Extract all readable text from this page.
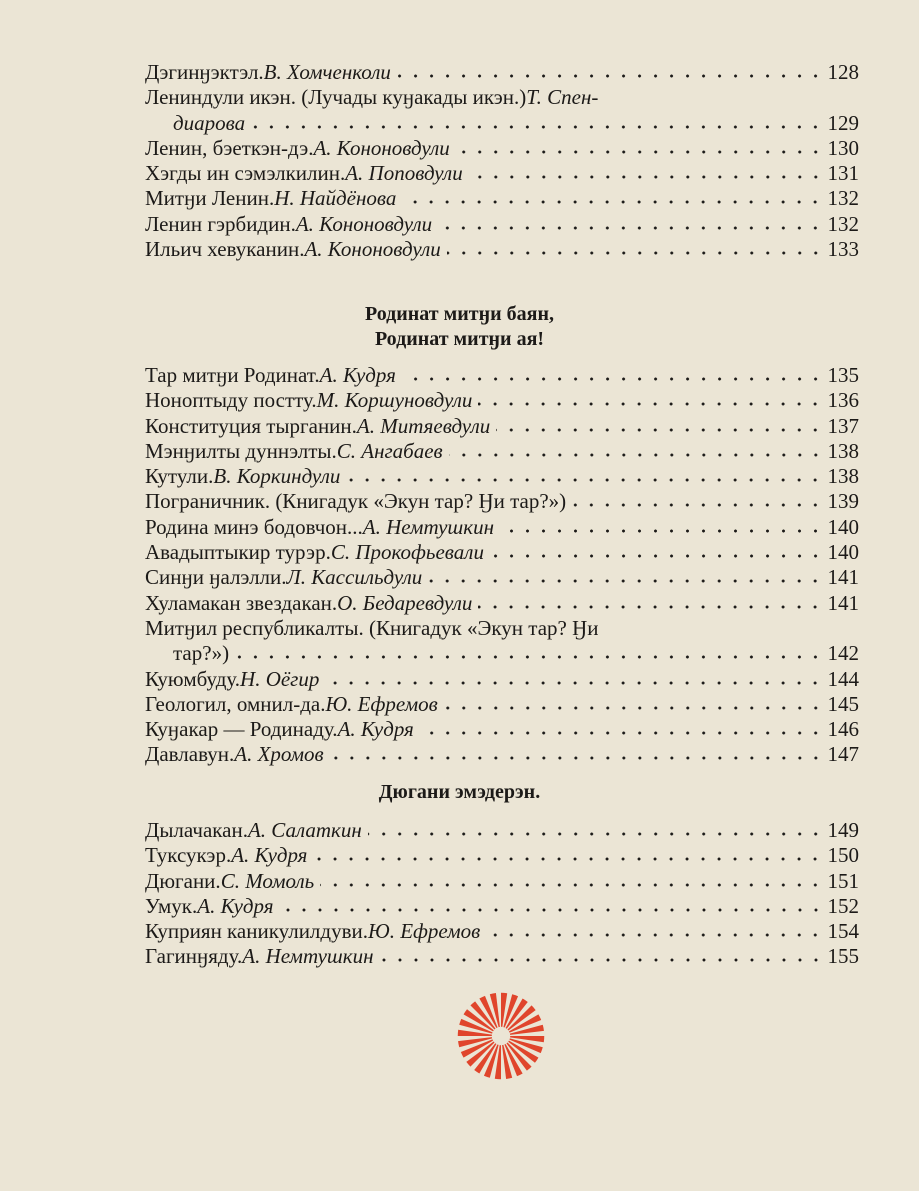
Дэгинӈэктэл. В. Хомченколи	128
Лениндули икэн. (Лучады куӈакады икэн.) Т. Спен-
диарова	129
Ленин, бэеткэн-дэ. А. Кононовдули	130
Хэгды ин сэмэлкилин. А. Поповдули	131
Митӈи Ленин. Н. Найдёнова	132
Ленин гэрбидин. А. Кононовдули	132
Ильич хевуканин. А. Кононовдули	133
Родинат митӈи баян,
Родинат митӈи ая!
Тар митӈи Родинат. А. Кудря	135
Ноноптыду постту. М. Коршуновдули	136
Конституция тырганин. А. Митяевдули	137
Мэнӈилты дуннэлты. С. Ангабаев	138
Кутули. В. Коркиндули	138
Пограничник. (Книгадук «Экун тар? Ӈи тар?»)	139
Родина минэ бодовчон... А. Немтушкин	140
Авадыптыкир турэр. С. Прокофьевали	140
Синӈи ӈалэлли. Л. Кассильдули	141
Хуламакан звездакан. О. Бедаревдули	141
Митӈил республикалты. (Книгадук «Экун тар? Ӈи
тар?»)	142
Куюмбуду. Н. Оёгир	144
Геологил, омнил-да. Ю. Ефремов	145
Куӈакар — Родинаду. А. Кудря	146
Давлавун. А. Хромов	147
Дюгани эмэдерэн.
Дылачакан. А. Салаткин	149
Туксукэр. А. Кудря	150
Дюгани. С. Момоль	151
Умук. А. Кудря	152
Куприян каникулилдуви. Ю. Ефремов	154
Гагинӈяду. А. Немтушкин	155
